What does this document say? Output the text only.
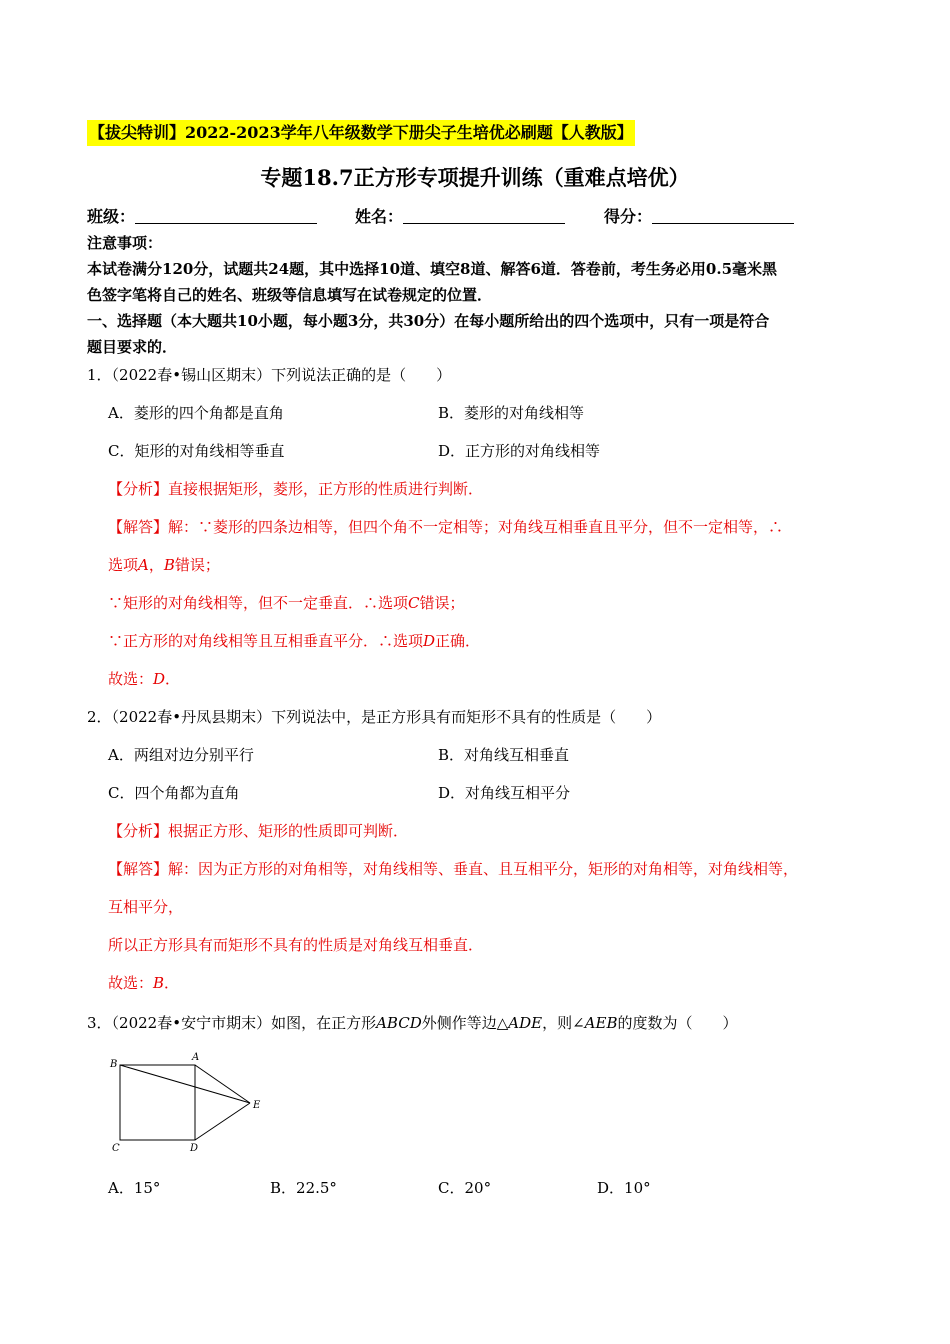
【拔尖特训】2022-2023学年八年级数学下册尖子生培优必刷题【人教版】
专题18.7正方形专项提升训练（重难点培优）
班级：	姓名：	得分：
注意事项：
本试卷满分120分，试题共24题，其中选择10道、填空8道、解答6道．答卷前，考生务必用0.5毫米黑
色签字笔将自己的姓名、班级等信息填写在试卷规定的位置．
一、选择题（本大题共10小题，每小题3分，共30分）在每小题所给出的四个选项中，只有一项是符合
题目要求的．
1．（2022春•锡山区期末）下列说法正确的是（　　）
A．菱形的四个角都是直角	B．菱形的对角线相等
C．矩形的对角线相等垂直	D．正方形的对角线相等
【分析】直接根据矩形，菱形，正方形的性质进行判断．
【解答】解：∵菱形的四条边相等，但四个角不一定相等；对角线互相垂直且平分，但不一定相等，∴
选项A，B错误；
∵矩形的对角线相等，但不一定垂直．∴选项C错误；
∵正方形的对角线相等且互相垂直平分．∴选项D正确．
故选：D．
2．（2022春•丹凤县期末）下列说法中，是正方形具有而矩形不具有的性质是（　　）
A．两组对边分别平行	B．对角线互相垂直
C．四个角都为直角	D．对角线互相平分
【分析】根据正方形、矩形的性质即可判断．
【解答】解：因为正方形的对角相等，对角线相等、垂直、且互相平分，矩形的对角相等，对角线相等，
互相平分，
所以正方形具有而矩形不具有的性质是对角线互相垂直．
故选：B．
3．（2022春•安宁市期末）如图，在正方形ABCD外侧作等边△ADE，则∠AEB的度数为（　　）
B
A
E
C	D
A．15°	B．22.5°	C．20°	D．10°
